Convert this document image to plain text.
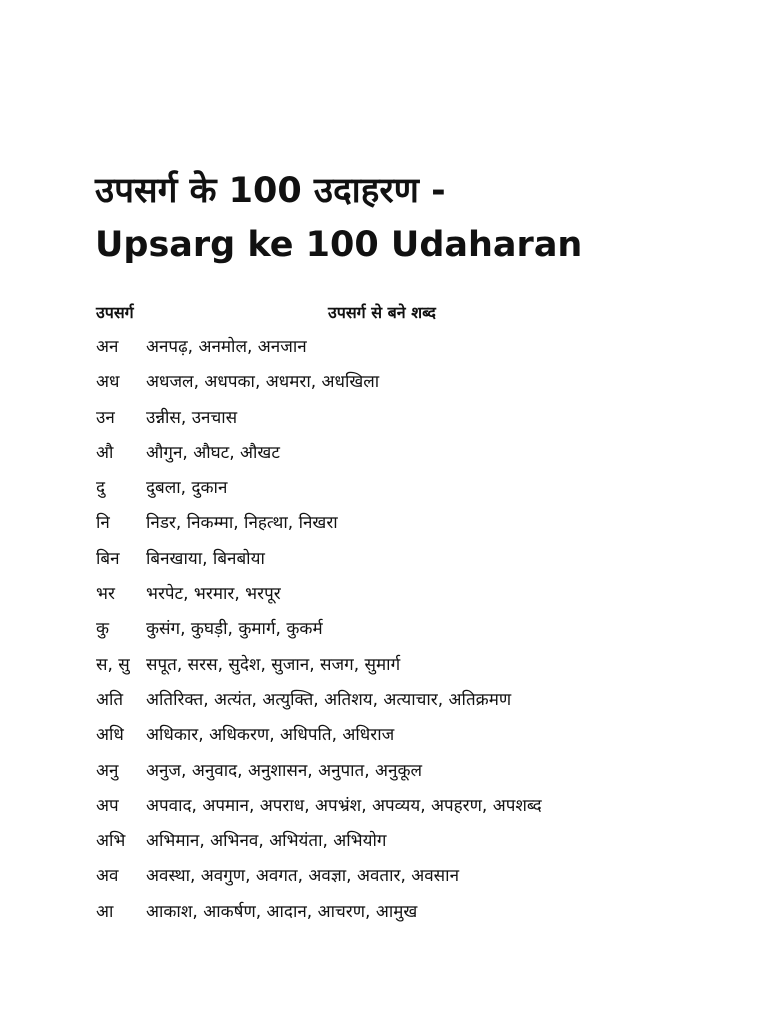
उपसर्ग के 100 उदाहरण -
Upsarg ke 100 Udaharan
उपसर्ग	उपसर्ग से बने शब्द
अन अनपढ़, अनमोल, अनजान
अध अधजल, अधपका, अधमरा, अधखिला
उन उन्नीस, उनचास
औ औगुन, औघट, औखट
दु दुबला, दुकान
नि निडर, निकम्मा, निहत्था, निखरा
बिन बिनखाया, बिनबोया
भर भरपेट, भरमार, भरपूर
कु कुसंग, कुघड़ी, कुमार्ग, कुकर्म
स, सु सपूत, सरस, सुदेश, सुजान, सजग, सुमार्ग
अति अतिरिक्त, अत्यंत, अत्युक्ति, अतिशय, अत्याचार, अतिक्रमण
अधि अधिकार, अधिकरण, अधिपति, अधिराज
अनु अनुज, अनुवाद, अनुशासन, अनुपात, अनुकूल
अप अपवाद, अपमान, अपराध, अपभ्रंश, अपव्यय, अपहरण, अपशब्द
अभि अभिमान, अभिनव, अभियंता, अभियोग
अव अवस्था, अवगुण, अवगत, अवज्ञा, अवतार, अवसान
आ आकाश, आकर्षण, आदान, आचरण, आमुख
